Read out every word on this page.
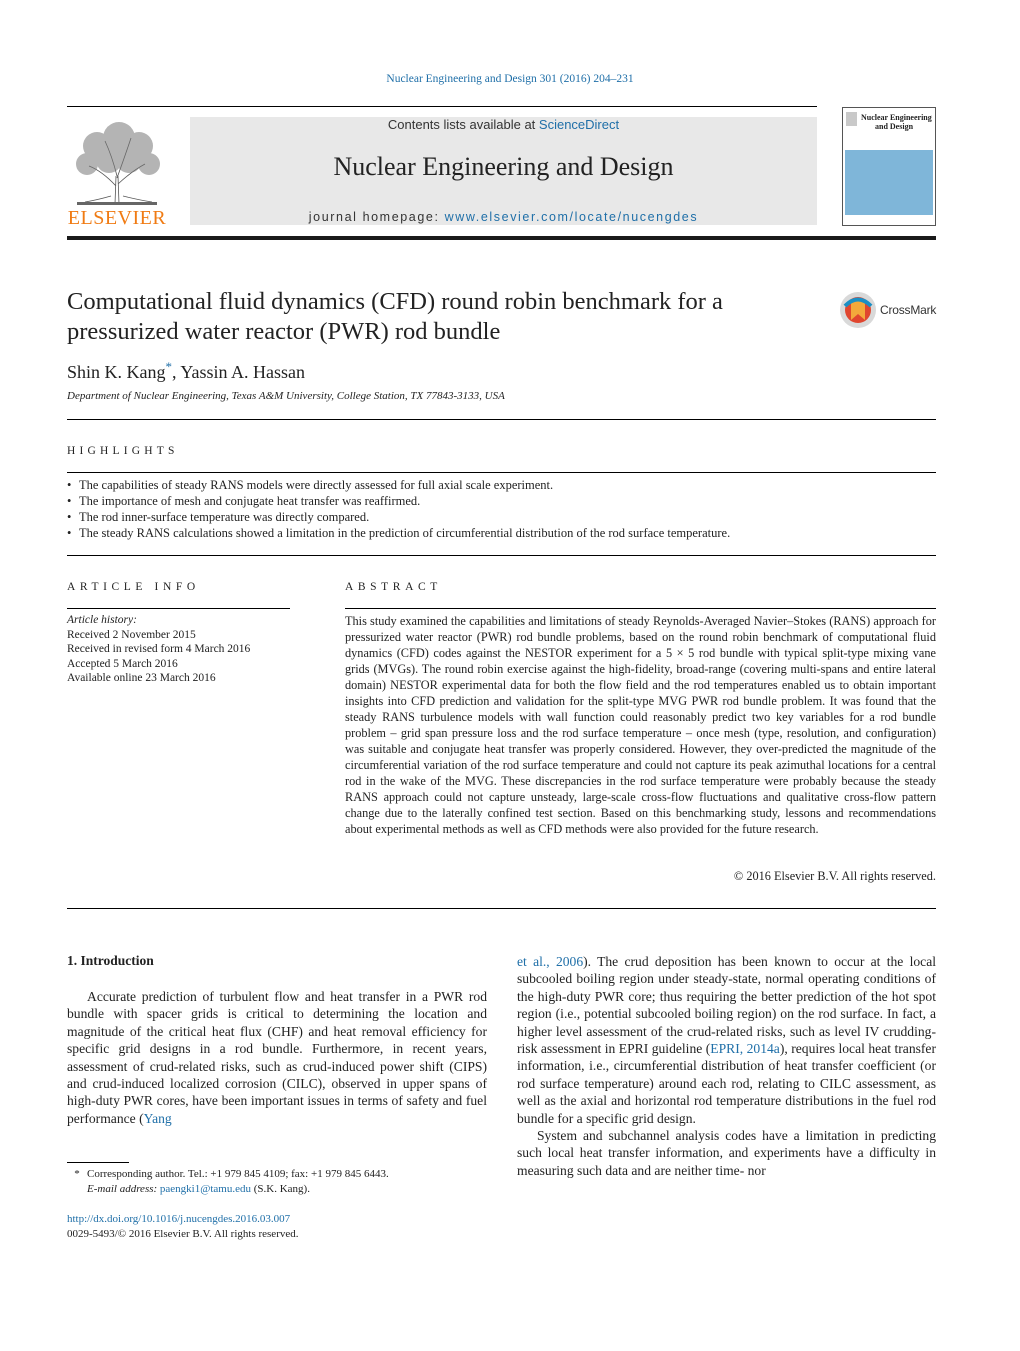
Nuclear Engineering and Design 301 (2016) 204–231
ELSEVIER
Contents lists available at ScienceDirect
Nuclear Engineering and Design
journal homepage: www.elsevier.com/locate/nucengdes
Nuclear Engineering
and Design
Computational fluid dynamics (CFD) round robin benchmark for a
pressurized water reactor (PWR) rod bundle
CrossMark
Shin K. Kang*, Yassin A. Hassan
Department of Nuclear Engineering, Texas A&M University, College Station, TX 77843-3133, USA
HIGHLIGHTS
• The capabilities of steady RANS models were directly assessed for full axial scale experiment.
• The importance of mesh and conjugate heat transfer was reaffirmed.
• The rod inner-surface temperature was directly compared.
• The steady RANS calculations showed a limitation in the prediction of circumferential distribution of the rod surface temperature.
ARTICLE INFO
Article history:
Received 2 November 2015
Received in revised form 4 March 2016
Accepted 5 March 2016
Available online 23 March 2016
ABSTRACT
This study examined the capabilities and limitations of steady Reynolds-Averaged Navier–Stokes (RANS) approach for pressurized water reactor (PWR) rod bundle problems, based on the round robin benchmark of computational fluid dynamics (CFD) codes against the NESTOR experiment for a 5 × 5 rod bundle with typical split-type mixing vane grids (MVGs). The round robin exercise against the high-fidelity, broad-range (covering multi-spans and entire lateral domain) NESTOR experimental data for both the flow field and the rod temperatures enabled us to obtain important insights into CFD prediction and validation for the split-type MVG PWR rod bundle problem. It was found that the steady RANS turbulence models with wall function could reasonably predict two key variables for a rod bundle problem – grid span pressure loss and the rod surface temperature – once mesh (type, resolution, and configuration) was suitable and conjugate heat transfer was properly considered. However, they over-predicted the magnitude of the circumferential variation of the rod surface temperature and could not capture its peak azimuthal locations for a central rod in the wake of the MVG. These discrepancies in the rod surface temperature were probably because the steady RANS approach could not capture unsteady, large-scale cross-flow fluctuations and qualitative cross-flow pattern change due to the laterally confined test section. Based on this benchmarking study, lessons and recommendations about experimental methods as well as CFD methods were also provided for the future research.
© 2016 Elsevier B.V. All rights reserved.
1. Introduction

Accurate prediction of turbulent flow and heat transfer in a PWR rod bundle with spacer grids is critical to determining the location and magnitude of the critical heat flux (CHF) and heat removal efficiency for specific grid designs in a rod bundle. Furthermore, in recent years, assessment of crud-related risks, such as crud-induced power shift (CIPS) and crud-induced localized corrosion (CILC), observed in upper spans of high-duty PWR cores, have been important issues in terms of safety and fuel performance (Yang

et al., 2006). The crud deposition has been known to occur at the local subcooled boiling region under steady-state, normal operating conditions of the high-duty PWR core; thus requiring the better prediction of the hot spot region (i.e., potential subcooled boiling region) on the rod surface. In fact, a higher level assessment of the crud-related risks, such as level IV crudding-risk assessment in EPRI guideline (EPRI, 2014a), requires local heat transfer information, i.e., circumferential distribution of heat transfer coefficient (or rod surface temperature) around each rod, relating to CILC assessment, as well as the axial and horizontal rod temperature distributions in the fuel rod bundle for a specific grid design.

System and subchannel analysis codes have a limitation in predicting such local heat transfer information, and experiments have a difficulty in measuring such data and are neither time- nor

* Corresponding author. Tel.: +1 979 845 4109; fax: +1 979 845 6443.
E-mail address: paengki1@tamu.edu (S.K. Kang).
http://dx.doi.org/10.1016/j.nucengdes.2016.03.007
0029-5493/© 2016 Elsevier B.V. All rights reserved.
